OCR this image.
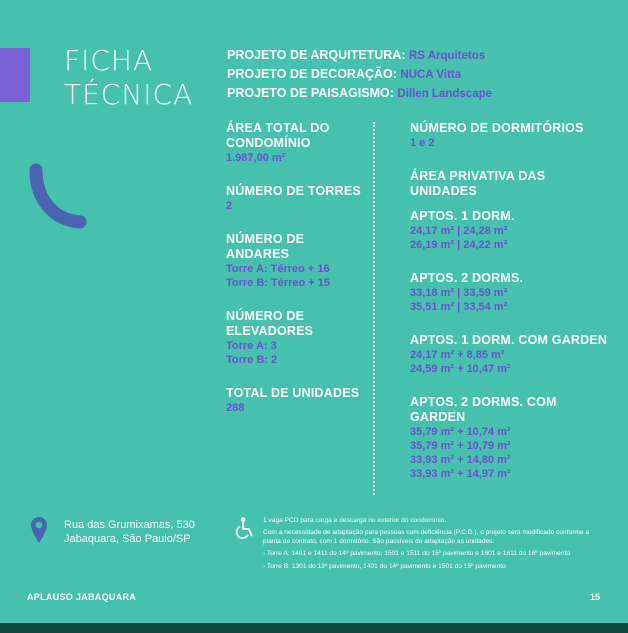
FICHA
TÉCNICA
PROJETO DE ARQUITETURA: RS Arquitetos
PROJETO DE DECORAÇÃO: NUCA Vitta
PROJETO DE PAISAGISMO: Dillen Landscape
ÁREA TOTAL DO CONDOMÍNIO
1.987,00 m²
NÚMERO DE TORRES
2
NÚMERO DE ANDARES
Torre A: Térreo + 16
Torre B: Térreo + 15
NÚMERO DE ELEVADORES
Torre A: 3
Torre B: 2
TOTAL DE UNIDADES
288
NÚMERO DE DORMITÓRIOS
1 e 2
ÁREA PRIVATIVA DAS UNIDADES
APTOS. 1 DORM.
24,17 m² | 24,28 m²
26,19 m² | 24,22 m²
APTOS. 2 DORMS.
33,18 m² | 33,59 m²
35,51 m² | 33,54 m²
APTOS. 1 DORM. COM GARDEN
24,17 m² + 8,85 m²
24,59 m² + 10,47 m²
APTOS. 2 DORMS. COM GARDEN
35,79 m² + 10,74 m²
35,79 m² + 10,79 m²
33,93 m² + 14,80 m²
33,93 m² + 14,97 m²
Rua das Grumixamas, 530
Jabaquara, São Paulo/SP

1 vaga PCD para carga e descarga no exterior do condomínio.

Com a necessidade de adaptação para pessoas com deficiência (P.C.D.), o projeto será modificado conforme a planta de contrato, com 1 dormitório. São passíveis de adaptação as unidades:

- Torre A: 1401 e 1411 do 14º pavimento, 1501 e 1511 do 15º pavimento e 1601 e 1611 do 16º pavimento

- Torre B: 1301 do 13º pavimento, 1401 do 14º pavimento e 1501 do 15º pavimento

APLAUSO JABAQUARA	15
